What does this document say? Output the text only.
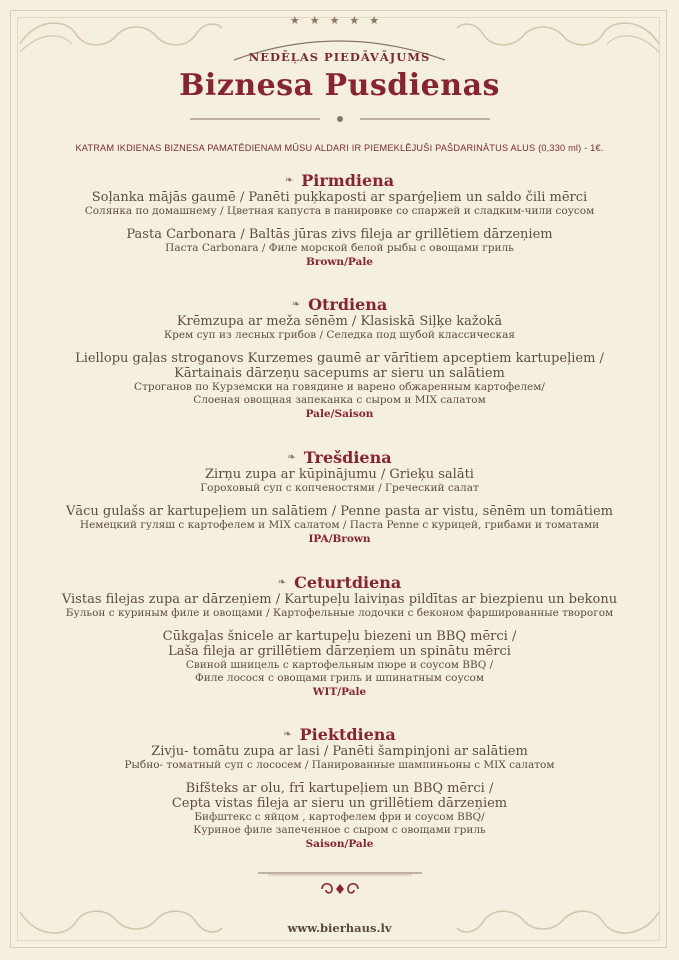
★★★★★
NEDĒĻAS PIEDĀVĀJUMS
Biznesa Pusdienas
KATRAM IKDIENAS BIZNESA PAMATĒDIENAM MŪSU ALDARI IR PIEMEKLĒJUŠI PAŠDARINĀTUS ALUS (0,330 ml) - 1€.
❧ Pirmdiena
Soļanka mājās gaumē / Panēti puķkaposti ar sparģeļiem un saldo čili mērci
Солянка по домашнему / Цветная капуста в панировке со спаржей и сладким-чили соусом
Pasta Carbonara / Baltās jūras zivs fileja ar grillētiem dārzeņiem
Паста Carbonara / Филе морской белой рыбы с овощами гриль
Brown/Pale
❧ Otrdiena
Krēmzupa ar meža sēnēm / Klasiskā Siļķe kažokā
Крем суп из лесных грибов / Селедка под шубой классическая
Liellopu gaļas stroganovs Kurzemes gaumē ar vārītiem apceptiem kartupeļiem /
Kārtainais dārzeņu sacepums ar sieru un salātiem
Строганов по Курземски на говядине и варено обжаренным картофелем/
Слоеная овощная запеканка с сыром и MIX салатом
Pale/Saison
❧ Trešdiena
Zirņu zupa ar kūpinājumu / Grieķu salāti
Гороховый суп с копченостями / Греческий салат
Vācu gulašs ar kartupeļiem un salātiem / Penne pasta ar vistu, sēnēm un tomātiem
Немецкий гуляш с картофелем и MIX салатом / Паста Penne с курицей, грибами и томатами
IPA/Brown
❧ Ceturtdiena
Vistas filejas zupa ar dārzeņiem / Kartupeļu laiviņas pildītas ar biezpienu un bekonu
Бульон с куриным филе и овощами / Картофельные лодочки с беконом фаршированные творогом
Cūkgaļas šnicele ar kartupeļu biezeni un BBQ mērci /
Laša fileja ar grillētiem dārzeņiem un spinātu mērci
Свиной шницель с картофельным пюре и соусом BBQ /
Филе лосося с овощами гриль и шпинатным соусом
WIT/Pale
❧ Piektdiena
Zivju- tomātu zupa ar lasi / Panēti šampinjoni ar salātiem
Рыбно- томатный суп с лососем / Панированные шампиньоны с MIX салатом
Bifšteks ar olu, frī kartupeļiem un BBQ mērci /
Cepta vistas fileja ar sieru un grillētiem dārzeņiem
Бифштекс с яйцом , картофелем фри и соусом BBQ/
Куриное филе запеченное с сыром с овощами гриль
Saison/Pale
www.bierhaus.lv
